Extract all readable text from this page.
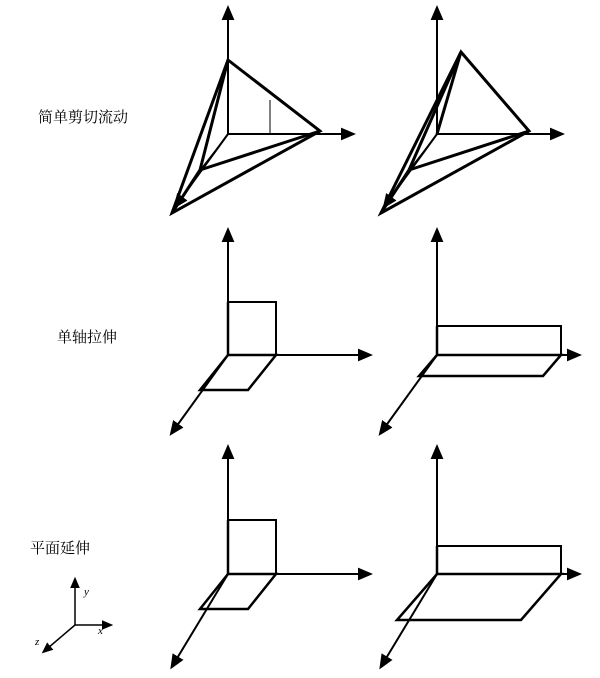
简单剪切流动
单轴拉伸
平面延伸
y
x
z
